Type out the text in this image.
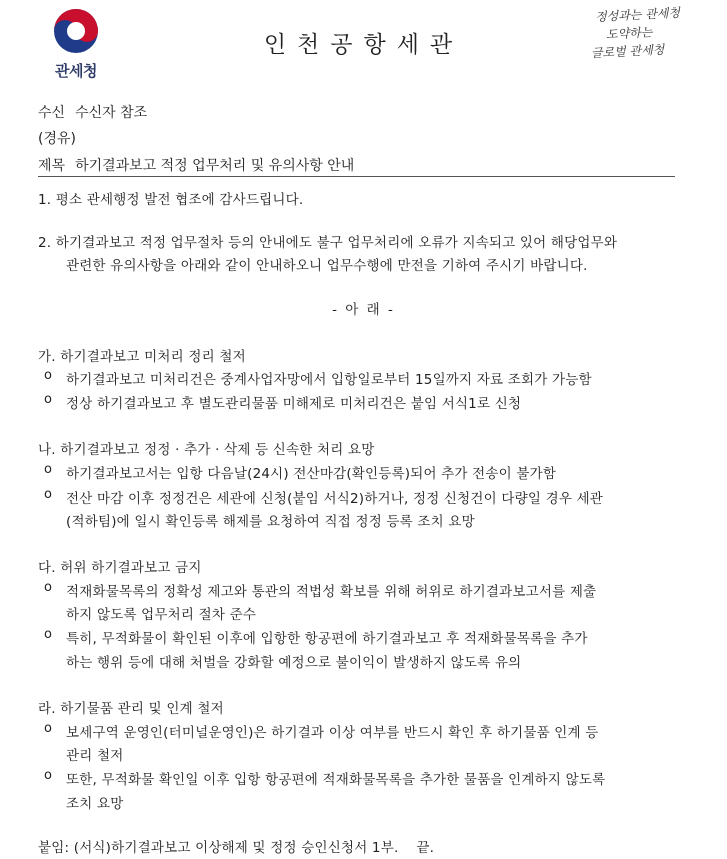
관세청
인천공항세관
정성과는 관세청
도약하는
글로벌 관세청
수신 수신자 참조
(경유)
제목 하기결과보고 적정 업무처리 및 유의사항 안내
1. 평소 관세행정 발전 협조에 감사드립니다.
2. 하기결과보고 적정 업무절차 등의 안내에도 불구 업무처리에 오류가 지속되고 있어 해당업무와
관련한 유의사항을 아래와 같이 안내하오니 업무수행에 만전을 기하여 주시기 바랍니다.
- 아 래 -
가. 하기결과보고 미처리 정리 철저
o 하기결과보고 미처리건은 중계사업자망에서 입항일로부터 15일까지 자료 조회가 가능함
o 정상 하기결과보고 후 별도관리물품 미해제로 미처리건은 붙임 서식1로 신청
나. 하기결과보고 정정 · 추가 · 삭제 등 신속한 처리 요망
o 하기결과보고서는 입항 다음날(24시) 전산마감(확인등록)되어 추가 전송이 불가함
o 전산 마감 이후 정정건은 세관에 신청(붙임 서식2)하거나, 정정 신청건이 다량일 경우 세관
(적하팀)에 일시 확인등록 해제를 요청하여 직접 정정 등록 조치 요망
다. 허위 하기결과보고 금지
o 적재화물목록의 정확성 제고와 통관의 적법성 확보를 위해 허위로 하기결과보고서를 제출
하지 않도록 업무처리 절차 준수
o 특히, 무적화물이 확인된 이후에 입항한 항공편에 하기결과보고 후 적재화물목록을 추가
하는 행위 등에 대해 처벌을 강화할 예정으로 불이익이 발생하지 않도록 유의
라. 하기물품 관리 및 인계 철저
o 보세구역 운영인(터미널운영인)은 하기결과 이상 여부를 반드시 확인 후 하기물품 인계 등
관리 철저
o 또한, 무적화물 확인일 이후 입항 항공편에 적재화물목록을 추가한 물품을 인계하지 않도록
조치 요망
붙임: (서식)하기결과보고 이상해제 및 정정 승인신청서 1부.    끝.
